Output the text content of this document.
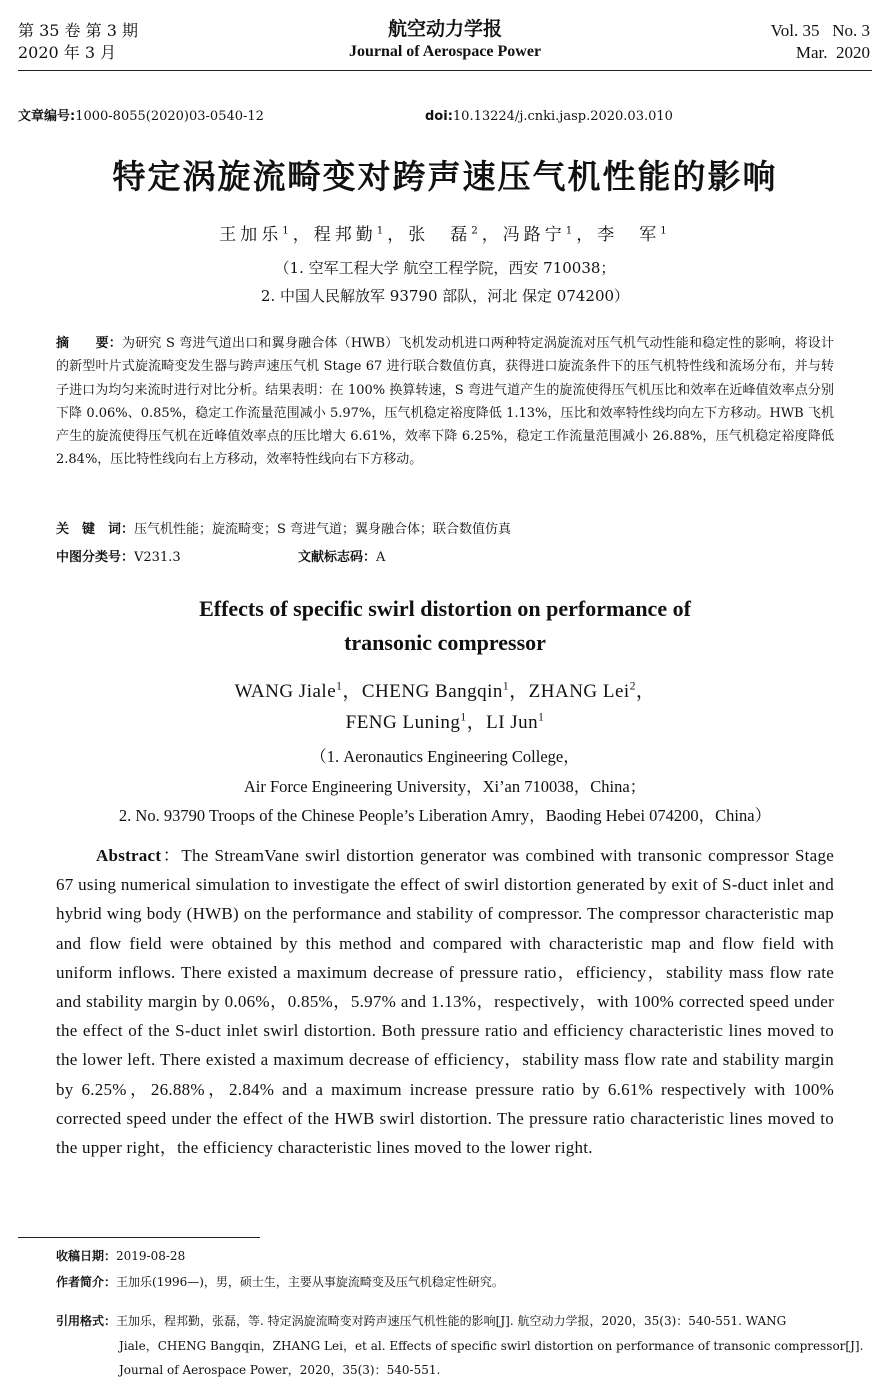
第 35 卷 第 3 期
2020 年 3 月
航空动力学报
Journal of Aerospace Power
Vol. 35   No. 3
Mar.  2020
文章编号:1000-8055(2020)03-0540-12	doi:10.13224/j.cnki.jasp.2020.03.010
特定涡旋流畸变对跨声速压气机性能的影响
王加乐$^1$，程邦勤$^1$，张　磊$^2$，冯路宁$^1$，李　军$^1$
（1. 空军工程大学 航空工程学院，西安 710038；
2. 中国人民解放军 93790 部队，河北 保定 074200）
摘　　要：为研究 S 弯进气道出口和翼身融合体（HWB）飞机发动机进口两种特定涡旋流对压气机气动性能和稳定性的影响，将设计的新型叶片式旋流畸变发生器与跨声速压气机 Stage 67 进行联合数值仿真，获得进口旋流条件下的压气机特性线和流场分布，并与转子进口为均匀来流时进行对比分析。结果表明：在 100% 换算转速，S 弯进气道产生的旋流使得压气机压比和效率在近峰值效率点分别下降 0.06%、0.85%，稳定工作流量范围减小 5.97%，压气机稳定裕度降低 1.13%，压比和效率特性线均向左下方移动。HWB 飞机产生的旋流使得压气机在近峰值效率点的压比增大 6.61%，效率下降 6.25%，稳定工作流量范围减小 26.88%，压气机稳定裕度降低 2.84%，压比特性线向右上方移动，效率特性线向右下方移动。
关　键　词：压气机性能；旋流畸变；S 弯进气道；翼身融合体；联合数值仿真
中图分类号：V231.3	文献标志码：A
Effects of specific swirl distortion on performance of
transonic compressor
WANG Jiale$^1$，CHENG Bangqin$^1$，ZHANG Lei$^2$，
FENG Luning$^1$，LI Jun$^1$
（1. Aeronautics Engineering College，
Air Force Engineering University，Xi’an 710038，China；
2. No. 93790 Troops of the Chinese People’s Liberation Amry，Baoding Hebei 074200，China）
Abstract：The StreamVane swirl distortion generator was combined with transonic compressor Stage 67 using numerical simulation to investigate the effect of swirl distortion generated by exit of S-duct inlet and hybrid wing body (HWB) on the performance and stability of compressor. The compressor characteristic map and flow field were obtained by this method and compared with characteristic map and flow field with uniform inflows. There existed a maximum decrease of pressure ratio，efficiency，stability mass flow rate and stability margin by 0.06%，0.85%，5.97% and 1.13%，respectively，with 100% corrected speed under the effect of the S-duct inlet swirl distortion. Both pressure ratio and efficiency characteristic lines moved to the lower left. There existed a maximum decrease of efficiency，stability mass flow rate and stability margin by 6.25%，26.88%，2.84% and a maximum increase pressure ratio by 6.61% respectively with 100% corrected speed under the effect of the HWB swirl distortion. The pressure ratio characteristic lines moved to the upper right，the efficiency characteristic lines moved to the lower right.
收稿日期：2019-08-28
作者简介：王加乐(1996—)，男，硕士生，主要从事旋流畸变及压气机稳定性研究。
引用格式：王加乐，程邦勤，张磊，等. 特定涡旋流畸变对跨声速压气机性能的影响[J]. 航空动力学报，2020，35(3)：540-551. WANG
Jiale，CHENG Bangqin，ZHANG Lei，et al. Effects of specific swirl distortion on performance of transonic compressor[J].
Journal of Aerospace Power，2020，35(3)：540-551.
